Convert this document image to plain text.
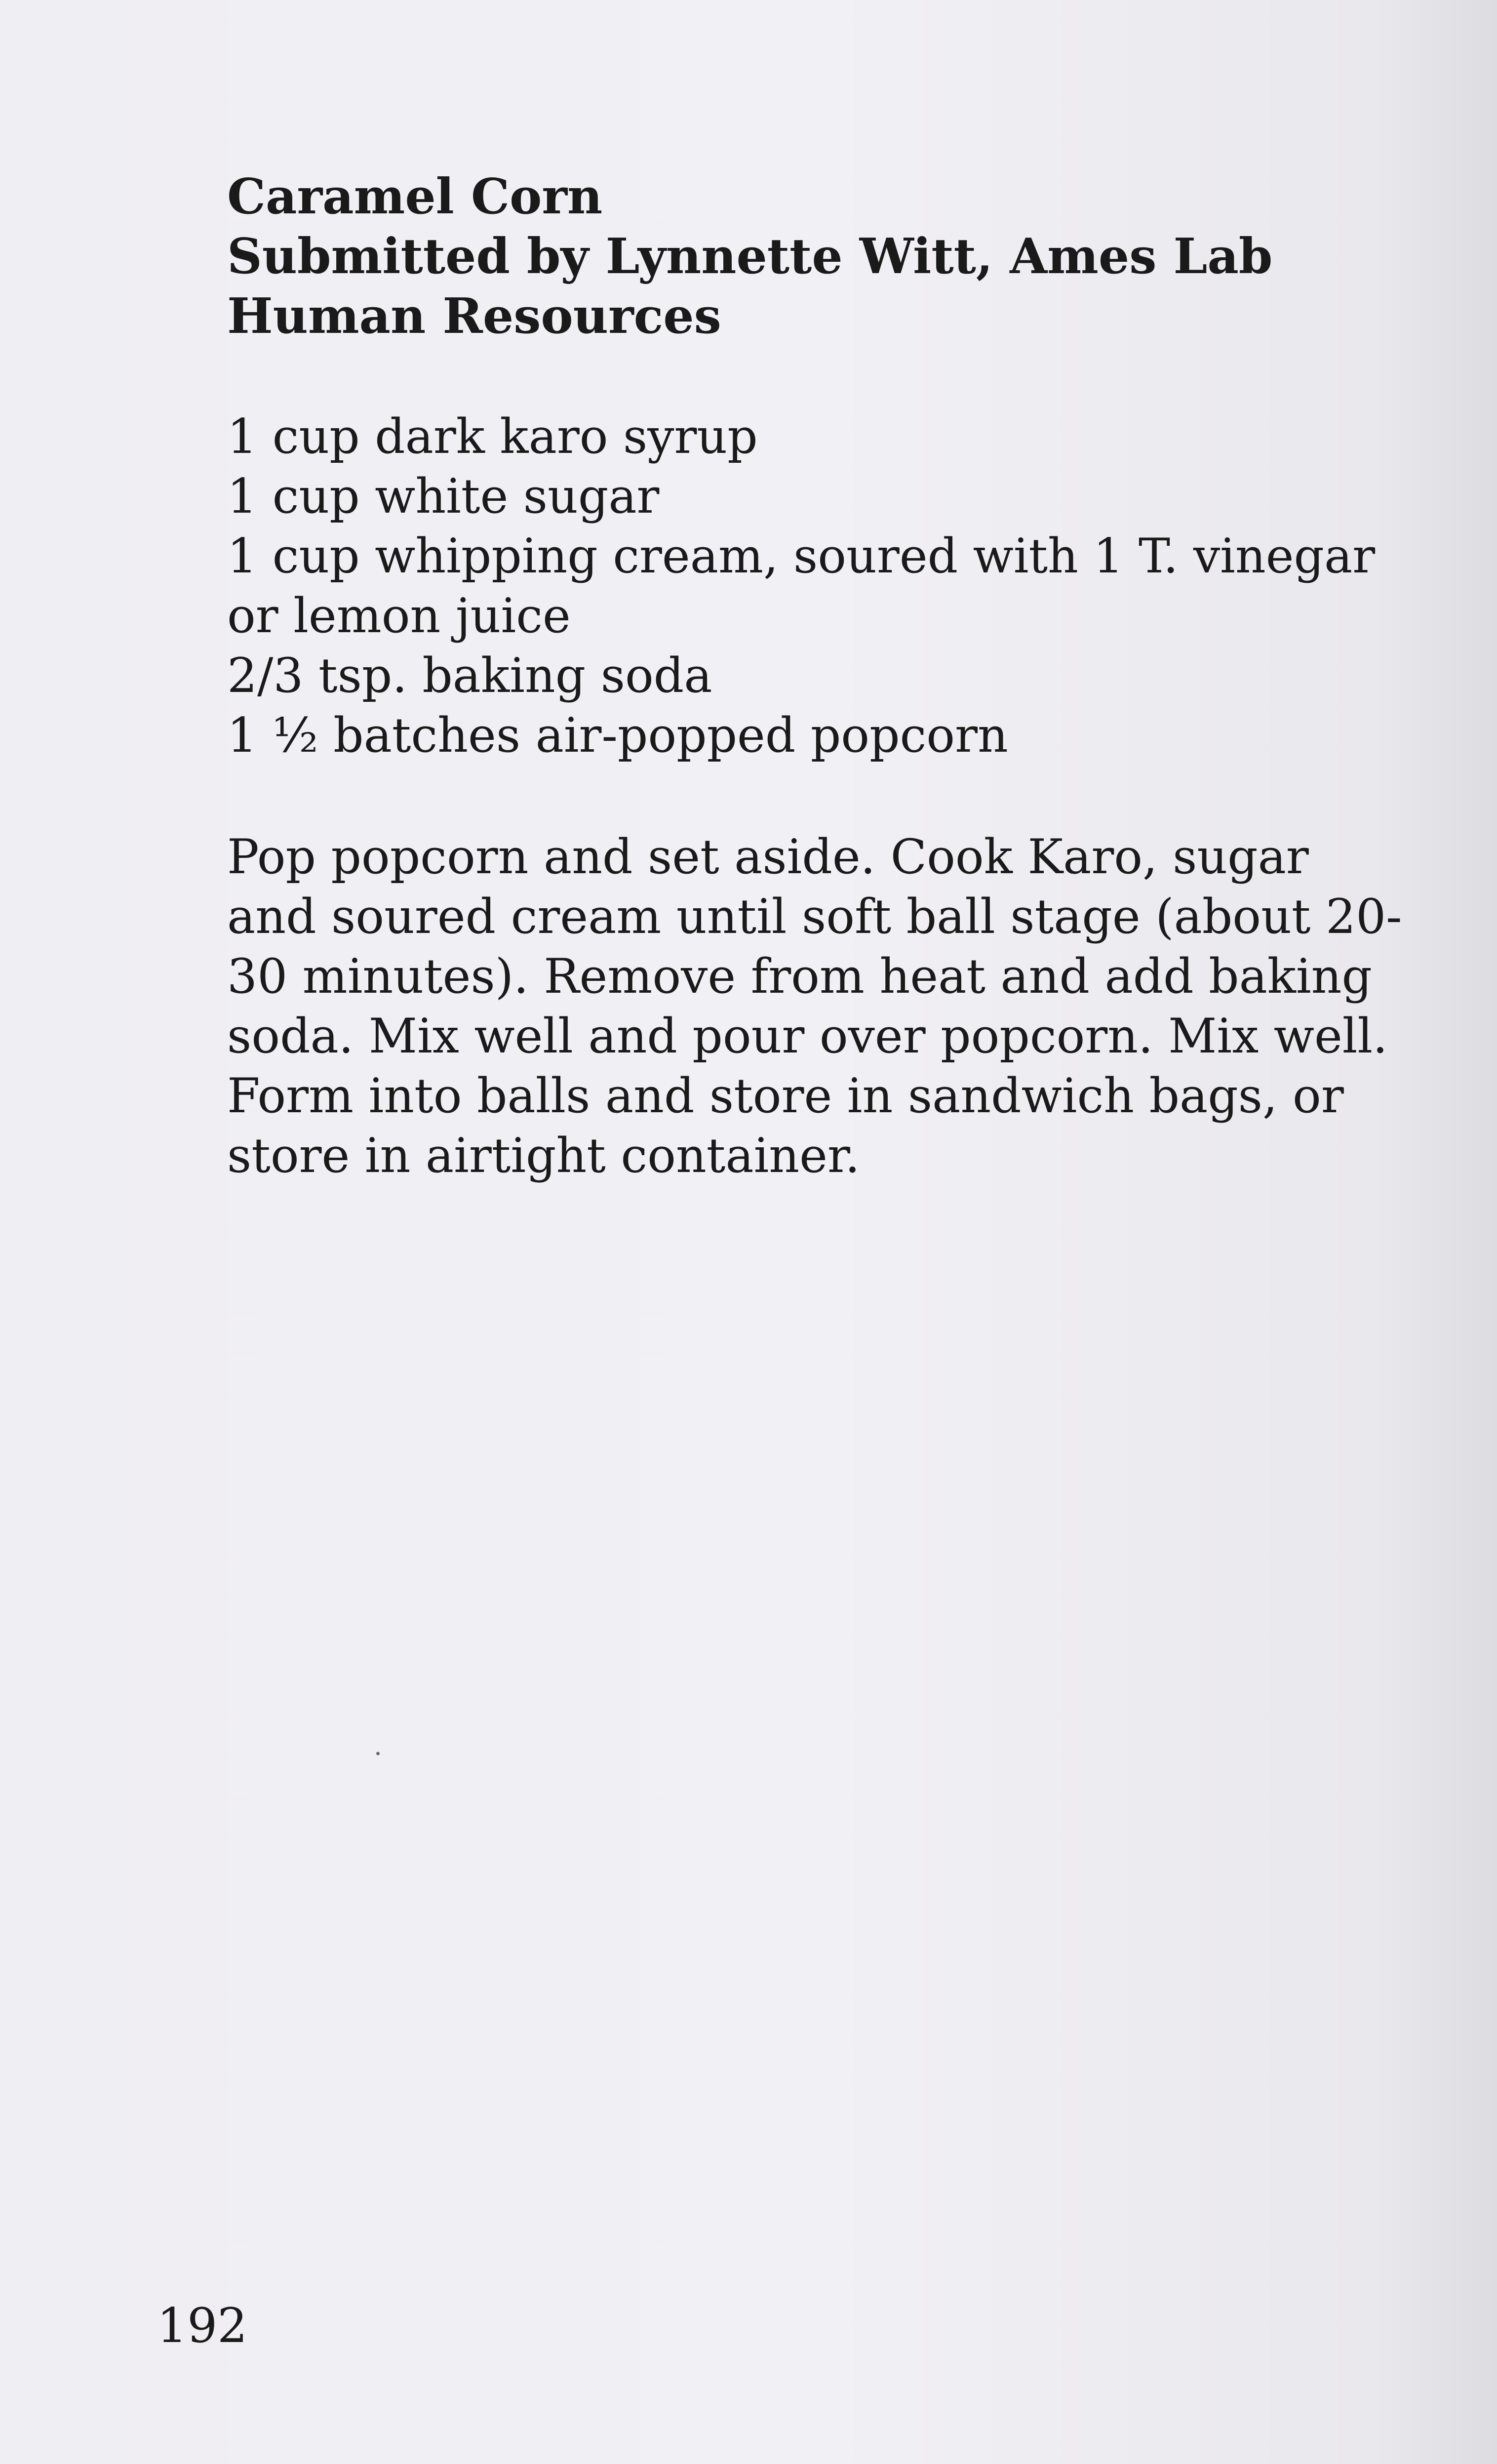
Caramel Corn
Submitted by Lynnette Witt, Ames Lab
Human Resources
1 cup dark karo syrup
1 cup white sugar
1 cup whipping cream, soured with 1 T. vinegar
or lemon juice
2/3 tsp. baking soda
1 ½ batches air-popped popcorn
Pop popcorn and set aside. Cook Karo, sugar
and soured cream until soft ball stage (about 20-
30 minutes). Remove from heat and add baking
soda. Mix well and pour over popcorn. Mix well.
Form into balls and store in sandwich bags, or
store in airtight container.
192
